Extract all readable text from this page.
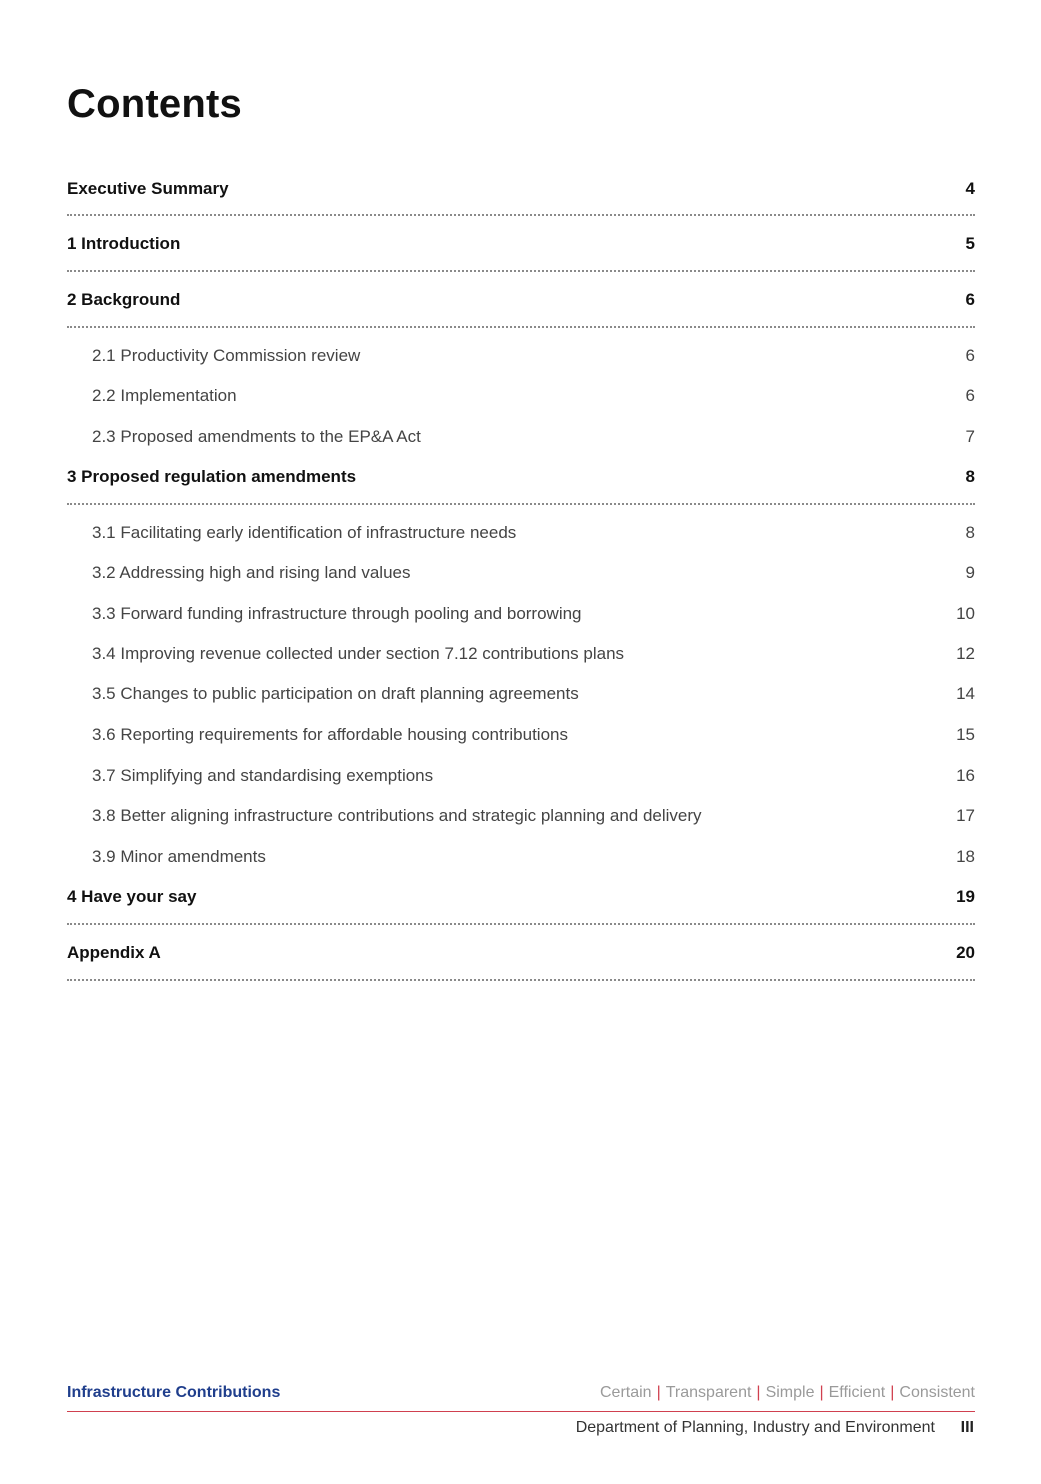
Contents
Executive Summary	4
1 Introduction	5
2 Background	6
2.1 Productivity Commission review	6
2.2 Implementation	6
2.3 Proposed amendments to the EP&A Act	7
3 Proposed regulation amendments	8
3.1 Facilitating early identification of infrastructure needs	8
3.2 Addressing high and rising land values	9
3.3 Forward funding infrastructure through pooling and borrowing	10
3.4 Improving revenue collected under section 7.12 contributions plans	12
3.5 Changes to public participation on draft planning agreements	14
3.6 Reporting requirements for affordable housing contributions	15
3.7 Simplifying and standardising exemptions	16
3.8 Better aligning infrastructure contributions and strategic planning and delivery	17
3.9 Minor amendments	18
4 Have your say	19
Appendix A	20
Infrastructure Contributions	Certain | Transparent | Simple | Efficient | Consistent
Department of Planning, Industry and Environment III
